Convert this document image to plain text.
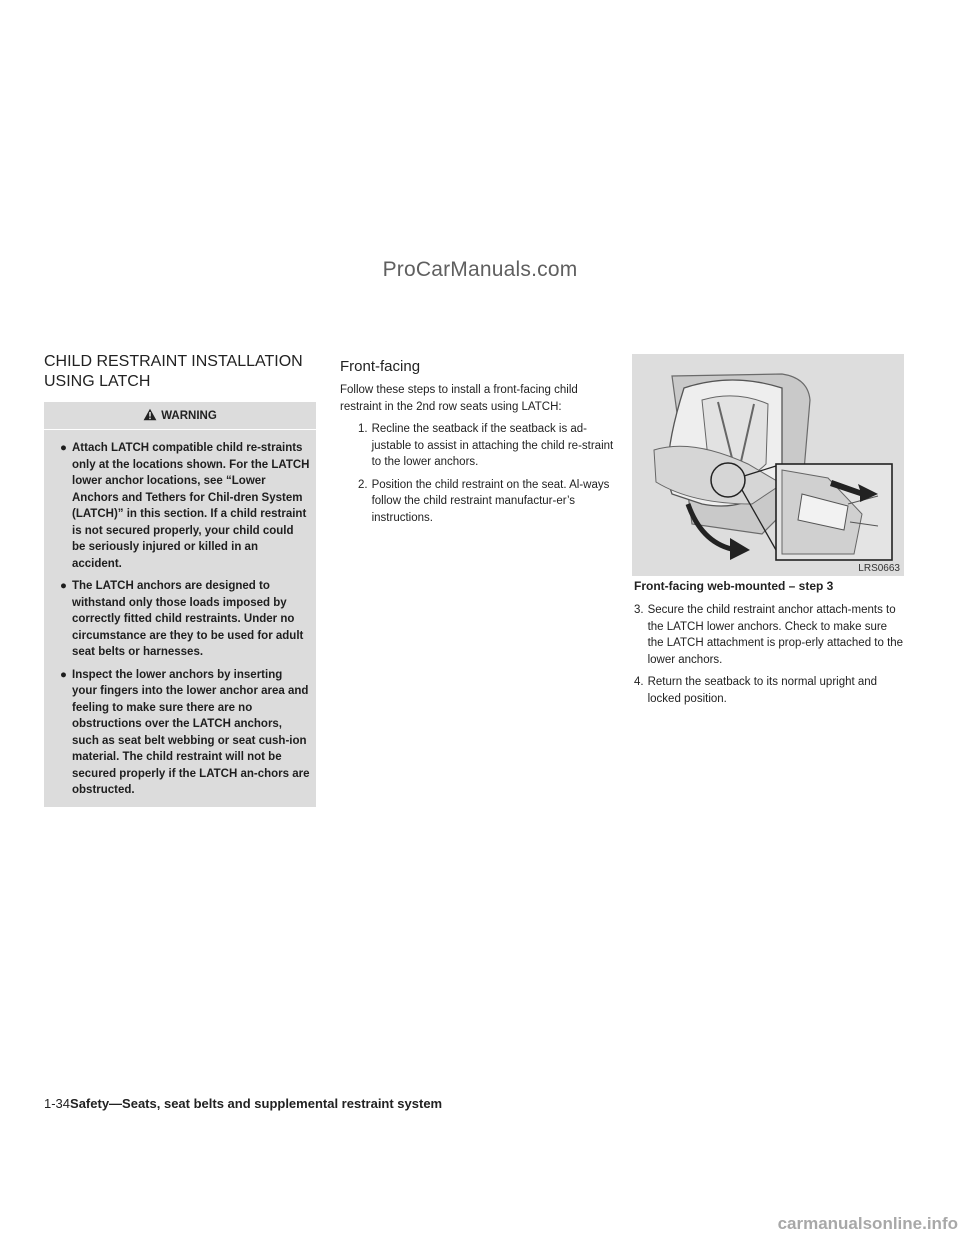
ProCarManuals.com
CHILD RESTRAINT INSTALLATION
USING LATCH
WARNING
● Attach LATCH compatible child re-straints only at the locations shown. For the LATCH lower anchor locations, see “Lower Anchors and Tethers for Chil-dren System (LATCH)” in this section. If a child restraint is not secured properly, your child could be seriously injured or killed in an accident.
● The LATCH anchors are designed to withstand only those loads imposed by correctly fitted child restraints. Under no circumstance are they to be used for adult seat belts or harnesses.
● Inspect the lower anchors by inserting your fingers into the lower anchor area and feeling to make sure there are no obstructions over the LATCH anchors, such as seat belt webbing or seat cush-ion material. The child restraint will not be secured properly if the LATCH an-chors are obstructed.
Front-facing

Follow these steps to install a front-facing child restraint in the 2nd row seats using LATCH:

1. Recline the seatback if the seatback is ad-justable to assist in attaching the child re-straint to the lower anchors.
2. Position the child restraint on the seat. Al-ways follow the child restraint manufactur-er’s instructions.
LRS0663
Front-facing web-mounted – step 3
3. Secure the child restraint anchor attach-ments to the LATCH lower anchors. Check to make sure the LATCH attachment is prop-erly attached to the lower anchors.
4. Return the seatback to its normal upright and locked position.
1-34Safety—Seats, seat belts and supplemental restraint system
carmanualsonline.info
